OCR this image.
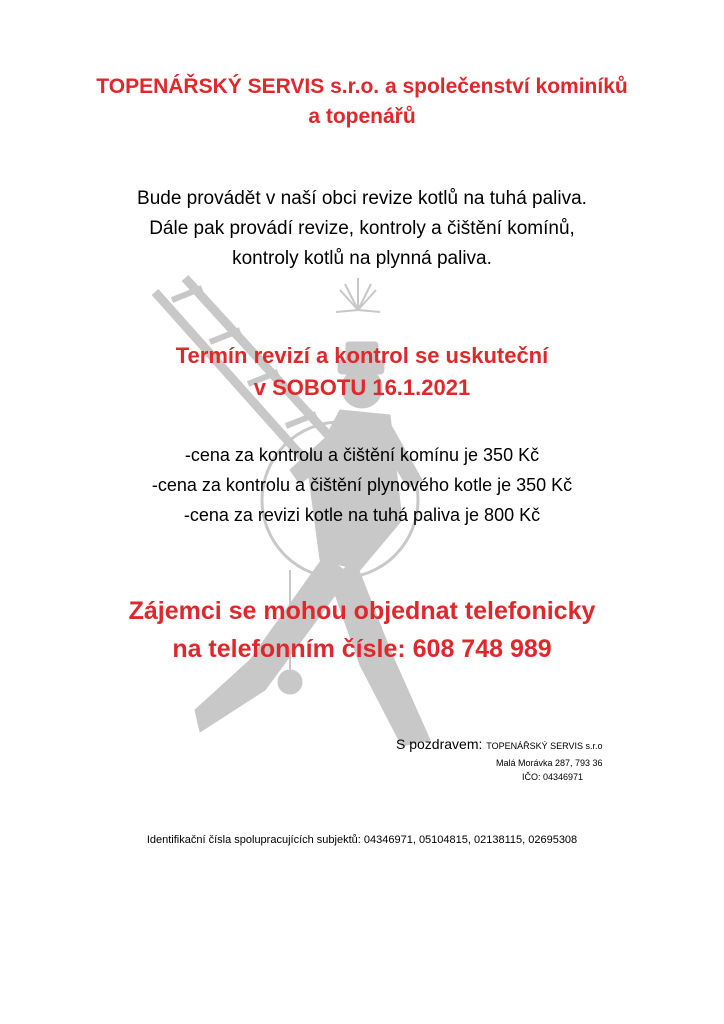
TOPENÁŘSKÝ SERVIS s.r.o. a společenství kominíků
a topenářů
Bude provádět v naší obci revize kotlů na tuhá paliva.
Dále pak provádí revize, kontroly a čištění komínů,
kontroly kotlů na plynná paliva.
Termín revizí a kontrol se uskuteční
v SOBOTU 16.1.2021
-cena za kontrolu a čištění komínu je 350 Kč
-cena za kontrolu a čištění plynového kotle je 350 Kč
-cena za revizi kotle na tuhá paliva je 800 Kč
Zájemci se mohou objednat telefonicky
na telefonním čísle: 608 748 989
S pozdravem: TOPENÁŘSKÝ SERVIS s.r.o
Malá Morávka 287, 793 36
IČO: 04346971
Identifikační čísla spolupracujících subjektů: 04346971, 05104815, 02138115, 02695308
